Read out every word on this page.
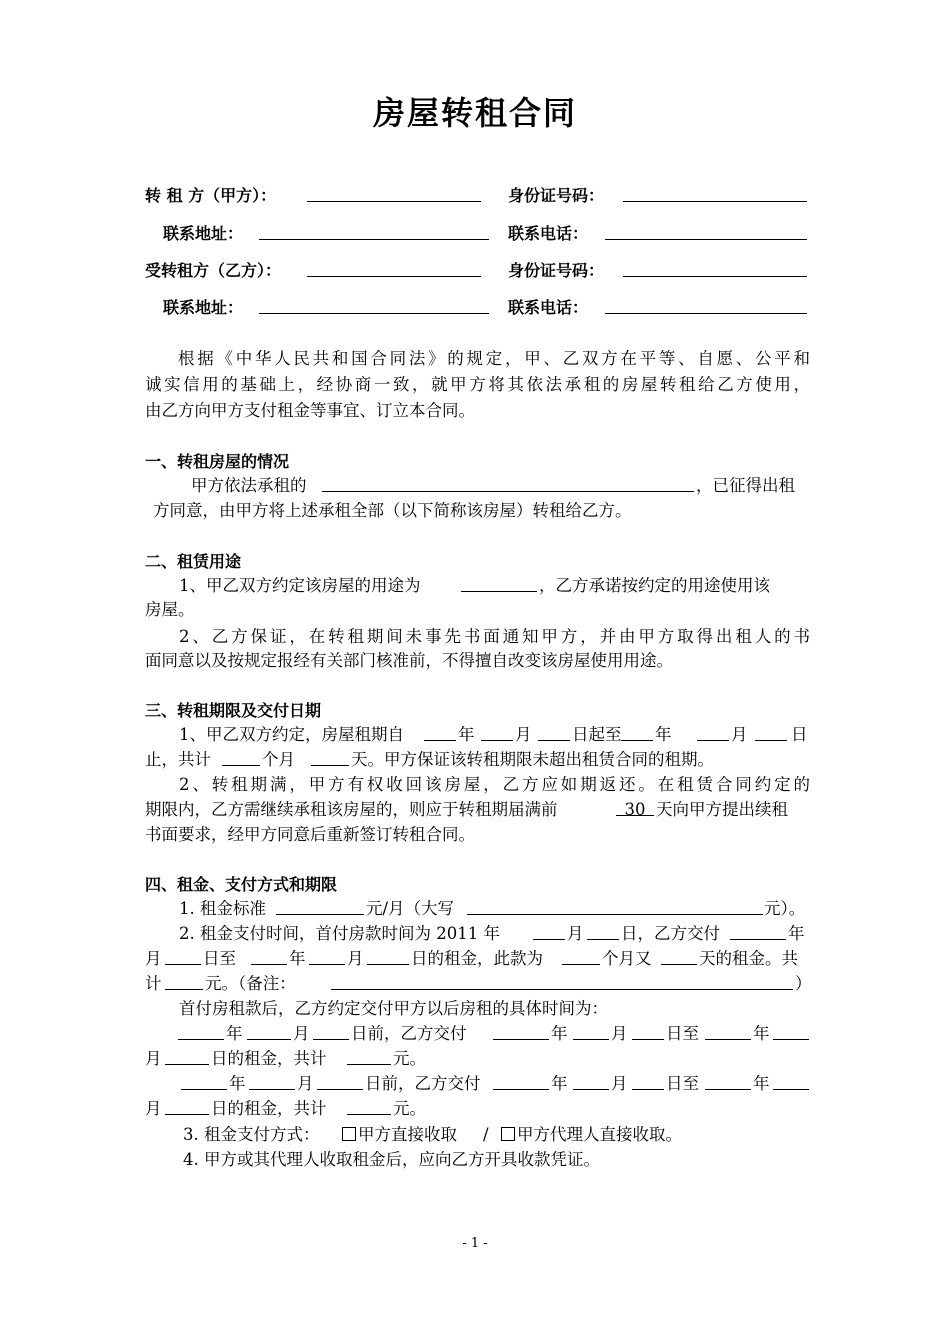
房屋转租合同
转 租 方（甲方）：	身份证号码：
联系地址：	联系电话：
受转租方（乙方）：	身份证号码：
联系地址：	联系电话：
根据《中华人民共和国合同法》的规定，甲、乙双方在平等、自愿、公平和
诚实信用的基础上，经协商一致，就甲方将其依法承租的房屋转租给乙方使用，
由乙方向甲方支付租金等事宜、订立本合同。
一、转租房屋的情况
甲方依法承租的	，已征得出租
方同意，由甲方将上述承租全部（以下简称该房屋）转租给乙方。
二、租赁用途
1、甲乙双方约定该房屋的用途为	，乙方承诺按约定的用途使用该
房屋。
2、乙方保证，在转租期间未事先书面通知甲方，并由甲方取得出租人的书
面同意以及按规定报经有关部门核准前，不得擅自改变该房屋使用用途。
三、转租期限及交付日期
1、甲乙双方约定，房屋租期自	年 月 日起至 年	月	日
止，共计	个月	天。甲方保证该转租期限未超出租赁合同的租期。
2、转租期满，甲方有权收回该房屋，乙方应如期返还。在租赁合同约定的
期限内，乙方需继续承租该房屋的，则应于转租期届满前	30 天向甲方提出续租
书面要求，经甲方同意后重新签订转租合同。
四、租金、支付方式和期限
1. 租金标准	元/月（大写	元）。
2. 租金支付时间，首付房款时间为 2011 年	月 日，乙方交付	年
月	日至	年	月	日的租金，此款为	个月又	天的租金。共
计	元。（备注：	）
首付房租款后，乙方约定交付甲方以后房租的具体时间为：
年	月	日前，乙方交付	年	月 日至	年
月	日的租金，共计	元。
年	月	日前，乙方交付	年	月 日至	年
月	日的租金，共计	元。
3. 租金支付方式：	甲方直接收取 /	甲方代理人直接收取。
4. 甲方或其代理人收取租金后，应向乙方开具收款凭证。
- 1 -
